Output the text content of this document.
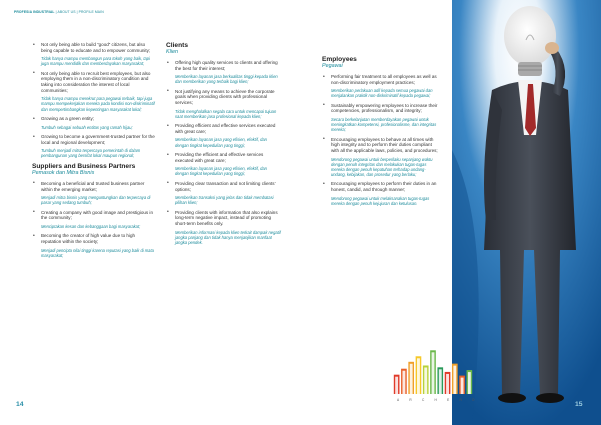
PROFESIA INDUSTRIAL | ABOUT US | PROFILE MAIN
• Not only being able to build “good” citizens, but also being capable to educate and to empower community;
Tidak hanya mampu membangun para tokoh yang baik, tapi juga mampu mendidik dan memberdayakan masyarakat;
• Not only being able to recruit best employees, but also employing them in a non-discriminatory condition and taking into consideration the interest of local communities;
Tidak hanya mampu merekrut para pegawai terbaik, tapi juga mampu mempekerjakan mereka pada kondisi non-diskriminatif dan mempertimbangkan kepentingan masyarakat lokal;
• Growing as a green entity;
Tumbuh sebagai sebuah entitas yang ramah hijau;
• Growing to become a government-trusted partner for the local and regional development;
Tumbuh menjadi mitra terpercaya pemerintah di dalam pembangunan yang bersifat lokal maupun regional;
Suppliers and Business Partners
Pemasok dan Mitra Bisnis
• Becoming a beneficial and trusted business partner within the emerging market;
Menjadi mitra bisnis yang menguntungkan dan terpercaya di pasar yang sedang tumbuh;
• Creating a company with good image and prestigious in the community;
Menciptakan kesan dan kebanggaan bagi masyarakat;
• Becoming the creator of high value due to high reputation within the society;
Menjadi pencipta nilai tinggi karena reputasi yang baik di mata masyarakat;
Clients
Klien
• Offering high quality services to clients and offering the best for their interest;
Memberikan layanan jasa berkualitas tinggi kepada klien dan memberikan yang terbaik bagi klien;
• Not justifying any means to achieve the corporate goals when providing clients with professional services;
Tidak menghalalkan segala cara untuk mencapai tujuan saat memberikan jasa profesional kepada klien;
• Providing efficient and effective services executed with great care;
Memberikan layanan jasa yang efisien, efektif, dan dengan tingkat kepedulian yang tinggi;
• Providing the efficient and effective services executed with great care;
Memberikan layanan jasa yang efisien, efektif, dan dengan tingkat kepedulian yang tinggi;
• Providing clear transaction and not limiting clients’ options;
Memberikan transaksi yang jelas dan tidak membatasi pilihan klien;
• Providing clients with information that also explains long-term negative impact, instead of promoting short-term benefits only.
Memberikan informasi kepada klien terkait dampak negatif jangka panjang dan tidak hanya menjanjikan manfaat jangka pendek.
Employees
Pegawai
• Performing fair treatment to all employees as well as non-discriminatory employment practices;
Memberikan perlakuan adil kepada semua pegawai dan menjalankan praktik non-diskriminatif kepada pegawai;
• Sustainably empowering employees to increase their competencies, professionalism, and integrity;
Secara berkelanjutan memberdayakan pegawai untuk meningkatkan kompetensi, profesionalisme, dan integritas mereka;
• Encouraging employees to behave at all times with high integrity and to perform their duties compliant with all the applicable laws, policies, and procedures;
Mendorong pegawai untuk berperilaku sepanjang waktu dengan penuh integritas dan melakukan tugas-tugas mereka dengan penuh kepatuhan terhadap undang-undang, kebijakan, dan prosedur yang berlaku;
• Encouraging employees to perform their duties in an honest, candid, and through manner;
Mendorong pegawai untuk melaksanakan tugas-tugas mereka dengan penuh kejujuran dan ketulusan.
A	R	C	H	E	R	O
14	15
